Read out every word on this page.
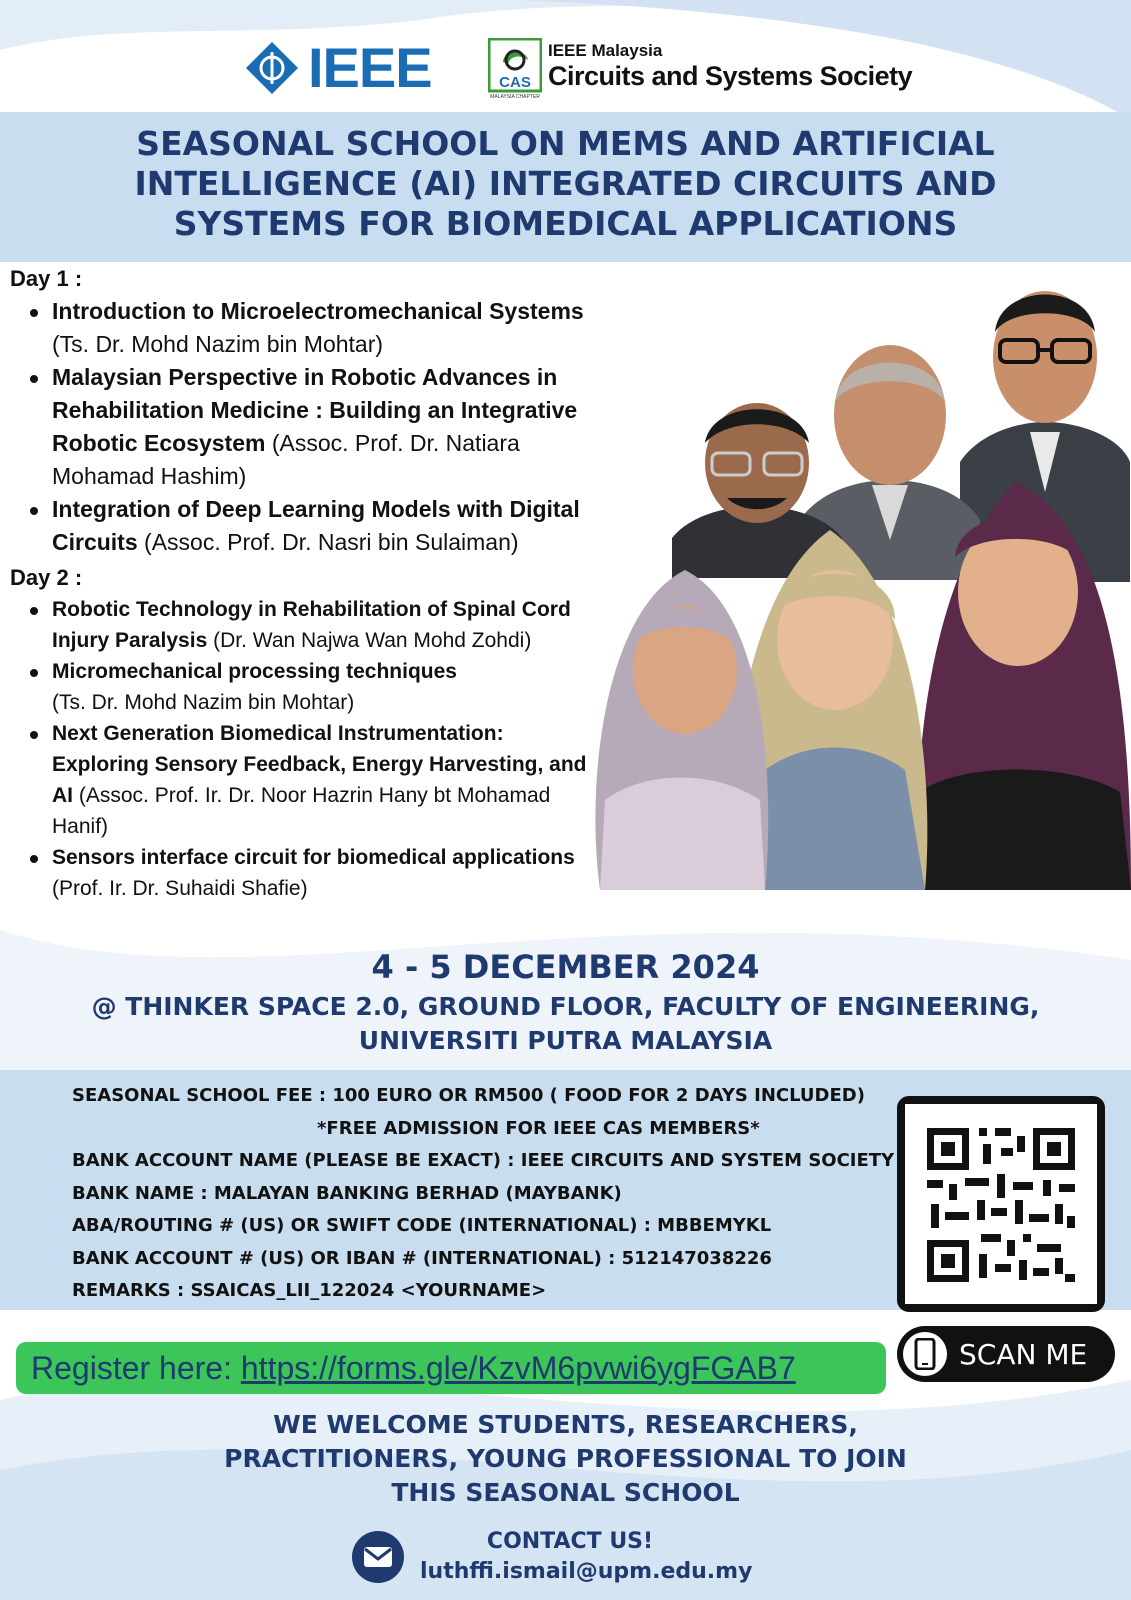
IEEE	CAS
MALAYSIA CHAPTER
IEEE Malaysia
Circuits and Systems Society
SEASONAL SCHOOL ON MEMS AND ARTIFICIAL
INTELLIGENCE (AI) INTEGRATED CIRCUITS AND
SYSTEMS FOR BIOMEDICAL APPLICATIONS
Day 1 :
Introduction to Microelectromechanical Systems
(Ts. Dr. Mohd Nazim bin Mohtar)
Malaysian Perspective in Robotic Advances in Rehabilitation Medicine : Building an Integrative Robotic Ecosystem (Assoc. Prof. Dr. Natiara Mohamad Hashim)
Integration of Deep Learning Models with Digital Circuits (Assoc. Prof. Dr. Nasri bin Sulaiman)
Day 2 :
Robotic Technology in Rehabilitation of Spinal Cord Injury Paralysis (Dr. Wan Najwa Wan Mohd Zohdi)
Micromechanical processing techniques
(Ts. Dr. Mohd Nazim bin Mohtar)
Next Generation Biomedical Instrumentation: Exploring Sensory Feedback, Energy Harvesting, and AI (Assoc. Prof. Ir. Dr. Noor Hazrin Hany bt Mohamad Hanif)
Sensors interface circuit for biomedical applications (Prof. Ir. Dr. Suhaidi Shafie)
4 - 5 DECEMBER 2024
@ THINKER SPACE 2.0, GROUND FLOOR, FACULTY OF ENGINEERING,
UNIVERSITI PUTRA MALAYSIA
SEASONAL SCHOOL FEE : 100 EURO OR RM500 ( FOOD FOR 2 DAYS INCLUDED)
*FREE ADMISSION FOR IEEE CAS MEMBERS*
BANK ACCOUNT NAME (PLEASE BE EXACT) : IEEE CIRCUITS AND SYSTEM SOCIETY
BANK NAME : MALAYAN BANKING BERHAD (MAYBANK)
ABA/ROUTING # (US) OR SWIFT CODE (INTERNATIONAL) : MBBEMYKL
BANK ACCOUNT # (US) OR IBAN # (INTERNATIONAL) : 512147038226
REMARKS : SSAICAS_LII_122024 <YOURNAME>
SCAN ME
Register here: https://forms.gle/KzvM6pvwi6ygFGAB7
WE WELCOME STUDENTS, RESEARCHERS,
PRACTITIONERS, YOUNG PROFESSIONAL TO JOIN
THIS SEASONAL SCHOOL
CONTACT US!
luthffi.ismail@upm.edu.my
